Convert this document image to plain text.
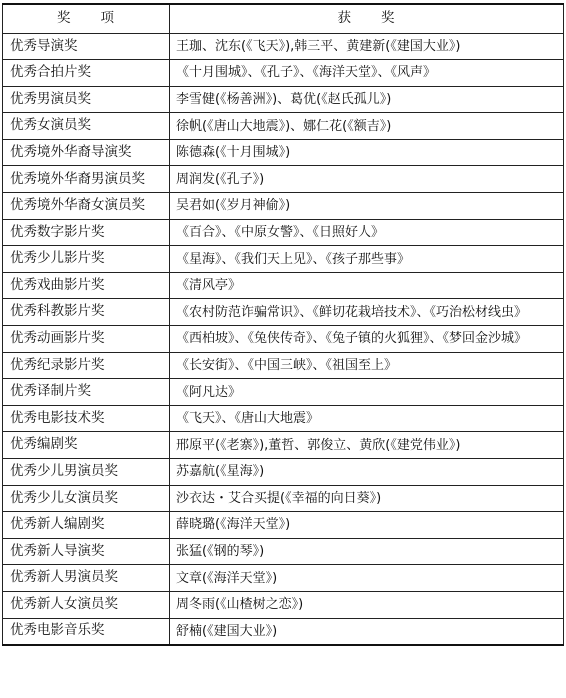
奖　　项	获　　奖
优秀导演奖	王珈、沈东(《飞天》),韩三平、黄建新(《建国大业》)
优秀合拍片奖	《十月围城》、《孔子》、《海洋天堂》、《风声》
优秀男演员奖	李雪健(《杨善洲》)、葛优(《赵氏孤儿》)
优秀女演员奖	徐帆(《唐山大地震》)、娜仁花(《额吉》)
优秀境外华裔导演奖	陈德森(《十月围城》)
优秀境外华裔男演员奖	周润发(《孔子》)
优秀境外华裔女演员奖	吴君如(《岁月神偷》)
优秀数字影片奖	《百合》、《中原女警》、《日照好人》
优秀少儿影片奖	《星海》、《我们天上见》、《孩子那些事》
优秀戏曲影片奖	《清风亭》
优秀科教影片奖	《农村防范诈骗常识》、《鲜切花栽培技术》、《巧治松材线虫》
优秀动画影片奖	《西柏坡》、《兔侠传奇》、《兔子镇的火狐狸》、《梦回金沙城》
优秀纪录影片奖	《长安街》、《中国三峡》、《祖国至上》
优秀译制片奖	《阿凡达》
优秀电影技术奖	《飞天》、《唐山大地震》
优秀编剧奖	邢原平(《老寨》),董哲、郭俊立、黄欣(《建党伟业》)
优秀少儿男演员奖	苏嘉航(《星海》)
优秀少儿女演员奖	沙衣达・艾合买提(《幸福的向日葵》)
优秀新人编剧奖	薛晓璐(《海洋天堂》)
优秀新人导演奖	张猛(《钢的琴》)
优秀新人男演员奖	文章(《海洋天堂》)
优秀新人女演员奖	周冬雨(《山楂树之恋》)
优秀电影音乐奖	舒楠(《建国大业》)
